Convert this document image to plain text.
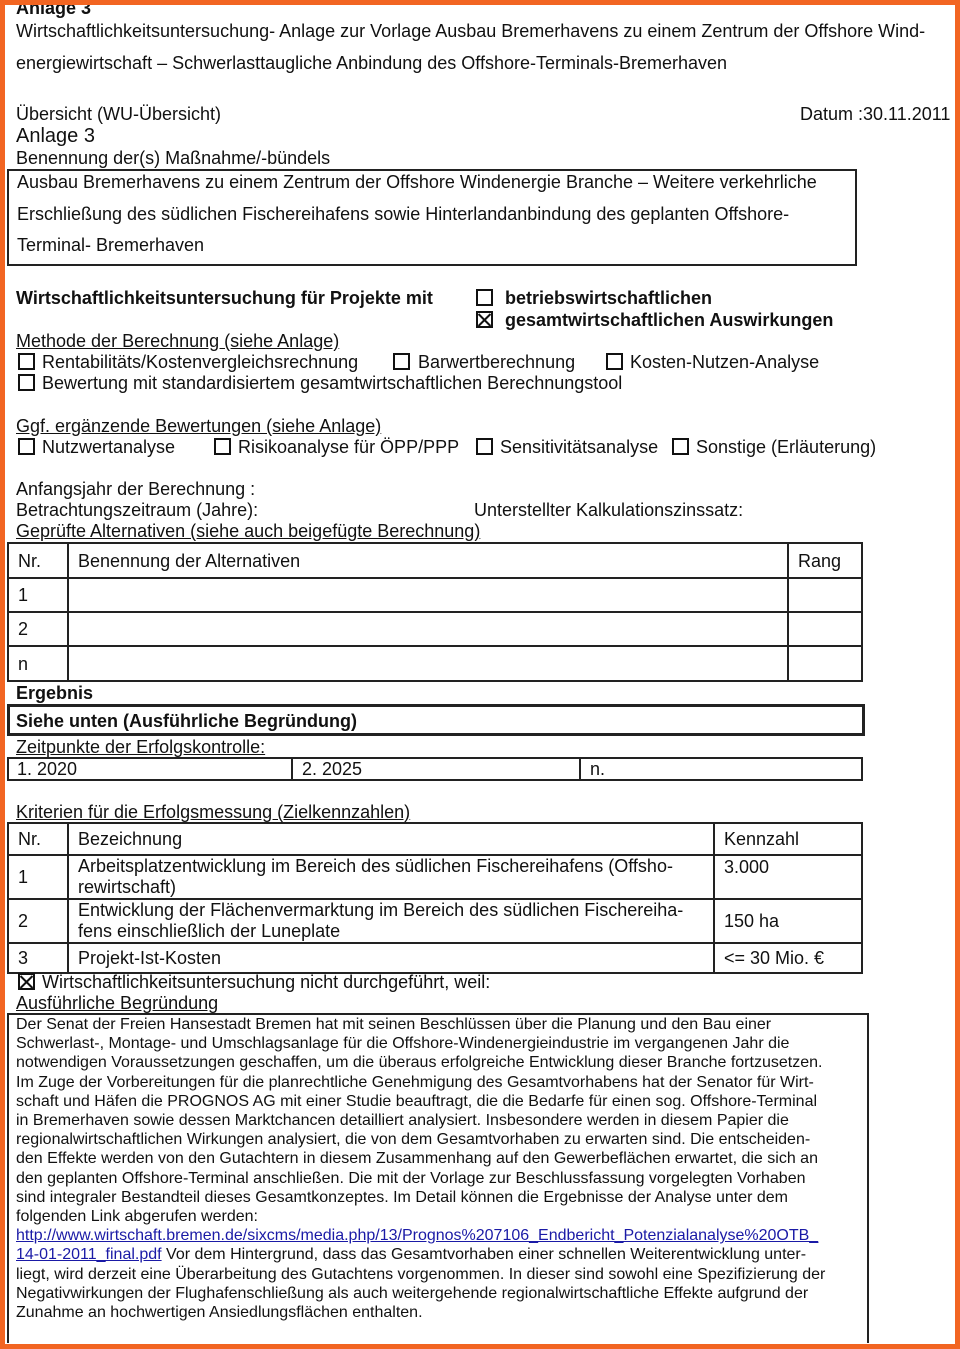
Anlage 3
Wirtschaftlichkeitsuntersuchung- Anlage zur Vorlage Ausbau Bremerhavens zu einem Zentrum der Offshore Wind-
energiewirtschaft – Schwerlasttaugliche Anbindung des Offshore-Terminals-Bremerhaven
Übersicht (WU-Übersicht)	Datum :30.11.2011
Anlage 3
Benennung der(s) Maßnahme/-bündels
Ausbau Bremerhavens zu einem Zentrum der Offshore Windenergie Branche – Weitere verkehrliche
Erschließung des südlichen Fischereihafens sowie Hinterlandanbindung des geplanten Offshore-
Terminal- Bremerhaven
Wirtschaftlichkeitsuntersuchung für Projekte mit	betriebswirtschaftlichen
gesamtwirtschaftlichen Auswirkungen
Methode der Berechnung (siehe Anlage)
Rentabilitäts/Kostenvergleichsrechnung	Barwertberechnung	Kosten-Nutzen-Analyse
Bewertung mit standardisiertem gesamtwirtschaftlichen Berechnungstool
Ggf. ergänzende Bewertungen (siehe Anlage)
Nutzwertanalyse	Risikoanalyse für ÖPP/PPP Sensitivitätsanalyse Sonstige (Erläuterung)
Anfangsjahr der Berechnung :
Betrachtungszeitraum (Jahre):	Unterstellter Kalkulationszinssatz:
Geprüfte Alternativen (siehe auch beigefügte Berechnung)
Nr.	Benennung der Alternativen	Rang
1		
2		
n		
Ergebnis
Siehe unten (Ausführliche Begründung)
Zeitpunkte der Erfolgskontrolle:
1. 2020	2. 2025	n.
Kriterien für die Erfolgsmessung (Zielkennzahlen)
Nr.	Bezeichnung	Kennzahl
1	Arbeitsplatzentwicklung im Bereich des südlichen Fischereihafens (Offsho-
rewirtschaft)	3.000
2	Entwicklung der Flächenvermarktung im Bereich des südlichen Fischereiha-
fens einschließlich der Luneplate	150 ha
3	Projekt-Ist-Kosten	<= 30 Mio. €
Wirtschaftlichkeitsuntersuchung nicht durchgeführt, weil:
Ausführliche Begründung

Der Senat der Freien Hansestadt Bremen hat mit seinen Beschlüssen über die Planung und den Bau einer

Schwerlast-, Montage- und Umschlagsanlage für die Offshore-Windenergieindustrie im vergangenen Jahr die

notwendigen Voraussetzungen geschaffen, um die überaus erfolgreiche Entwicklung dieser Branche fortzusetzen.

Im Zuge der Vorbereitungen für die planrechtliche Genehmigung des Gesamtvorhabens hat der Senator für Wirt-

schaft und Häfen die PROGNOS AG mit einer Studie beauftragt, die die Bedarfe für einen sog. Offshore-Terminal

in Bremerhaven sowie dessen Marktchancen detailliert analysiert. Insbesondere werden in diesem Papier die

regionalwirtschaftlichen Wirkungen analysiert, die von dem Gesamtvorhaben zu erwarten sind. Die entscheiden-

den Effekte werden von den Gutachtern in diesem Zusammenhang auf den Gewerbeflächen erwartet, die sich an

den geplanten Offshore-Terminal anschließen. Die mit der Vorlage zur Beschlussfassung vorgelegten Vorhaben

sind integraler Bestandteil dieses Gesamtkonzeptes. Im Detail können die Ergebnisse der Analyse unter dem

folgenden Link abgerufen werden:

http://www.wirtschaft.bremen.de/sixcms/media.php/13/Prognos%207106_Endbericht_Potenzialanalyse%20OTB_

14-01-2011_final.pdf Vor dem Hintergrund, dass das Gesamtvorhaben einer schnellen Weiterentwicklung unter-

liegt, wird derzeit eine Überarbeitung des Gutachtens vorgenommen. In dieser sind sowohl eine Spezifizierung der

Negativwirkungen der Flughafenschließung als auch weitergehende regionalwirtschaftliche Effekte aufgrund der

Zunahme an hochwertigen Ansiedlungsflächen enthalten.
